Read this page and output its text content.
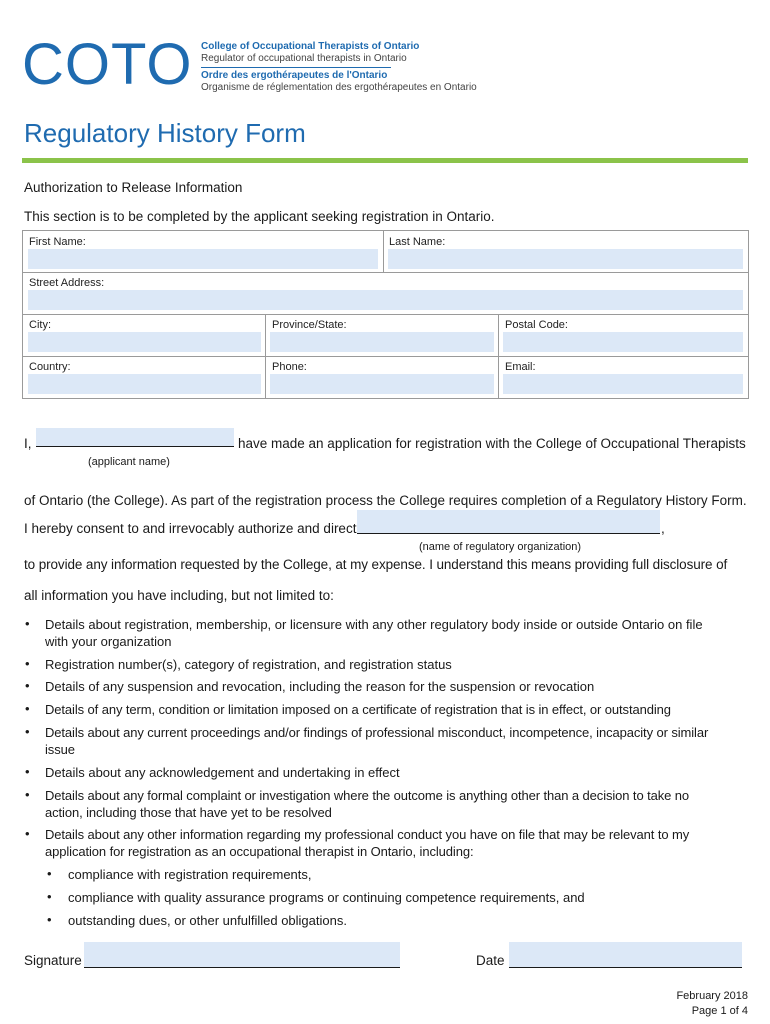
COTO College of Occupational Therapists of Ontario
Regulator of occupational therapists in Ontario
Ordre des ergothérapeutes de l'Ontario
Organisme de réglementation des ergothérapeutes en Ontario
Regulatory History Form
Authorization to Release Information
This section is to be completed by the applicant seeking registration in Ontario.
First Name:	Last Name:
Street Address:
City:	Province/State:	Postal Code:
Country:	Phone:	Email:
I,	have made an application for registration with the College of Occupational Therapists
(applicant name)
of Ontario (the College). As part of the registration process the College requires completion of a Regulatory History Form.
I hereby consent to and irrevocably authorize and direct	,
(name of regulatory organization)
to provide any information requested by the College, at my expense. I understand this means providing full disclosure of
all information you have including, but not limited to:
• Details about registration, membership, or licensure with any other regulatory body inside or outside Ontario on file
with your organization
• Registration number(s), category of registration, and registration status
• Details of any suspension and revocation, including the reason for the suspension or revocation
• Details of any term, condition or limitation imposed on a certificate of registration that is in effect, or outstanding
• Details about any current proceedings and/or findings of professional misconduct, incompetence, incapacity or similar
issue
• Details about any acknowledgement and undertaking in effect
• Details about any formal complaint or investigation where the outcome is anything other than a decision to take no
action, including those that have yet to be resolved
• Details about any other information regarding my professional conduct you have on file that may be relevant to my
application for registration as an occupational therapist in Ontario, including:
• compliance with registration requirements,
• compliance with quality assurance programs or continuing competence requirements, and
• outstanding dues, or other unfulfilled obligations.
Signature	Date
February 2018
Page 1 of 4
